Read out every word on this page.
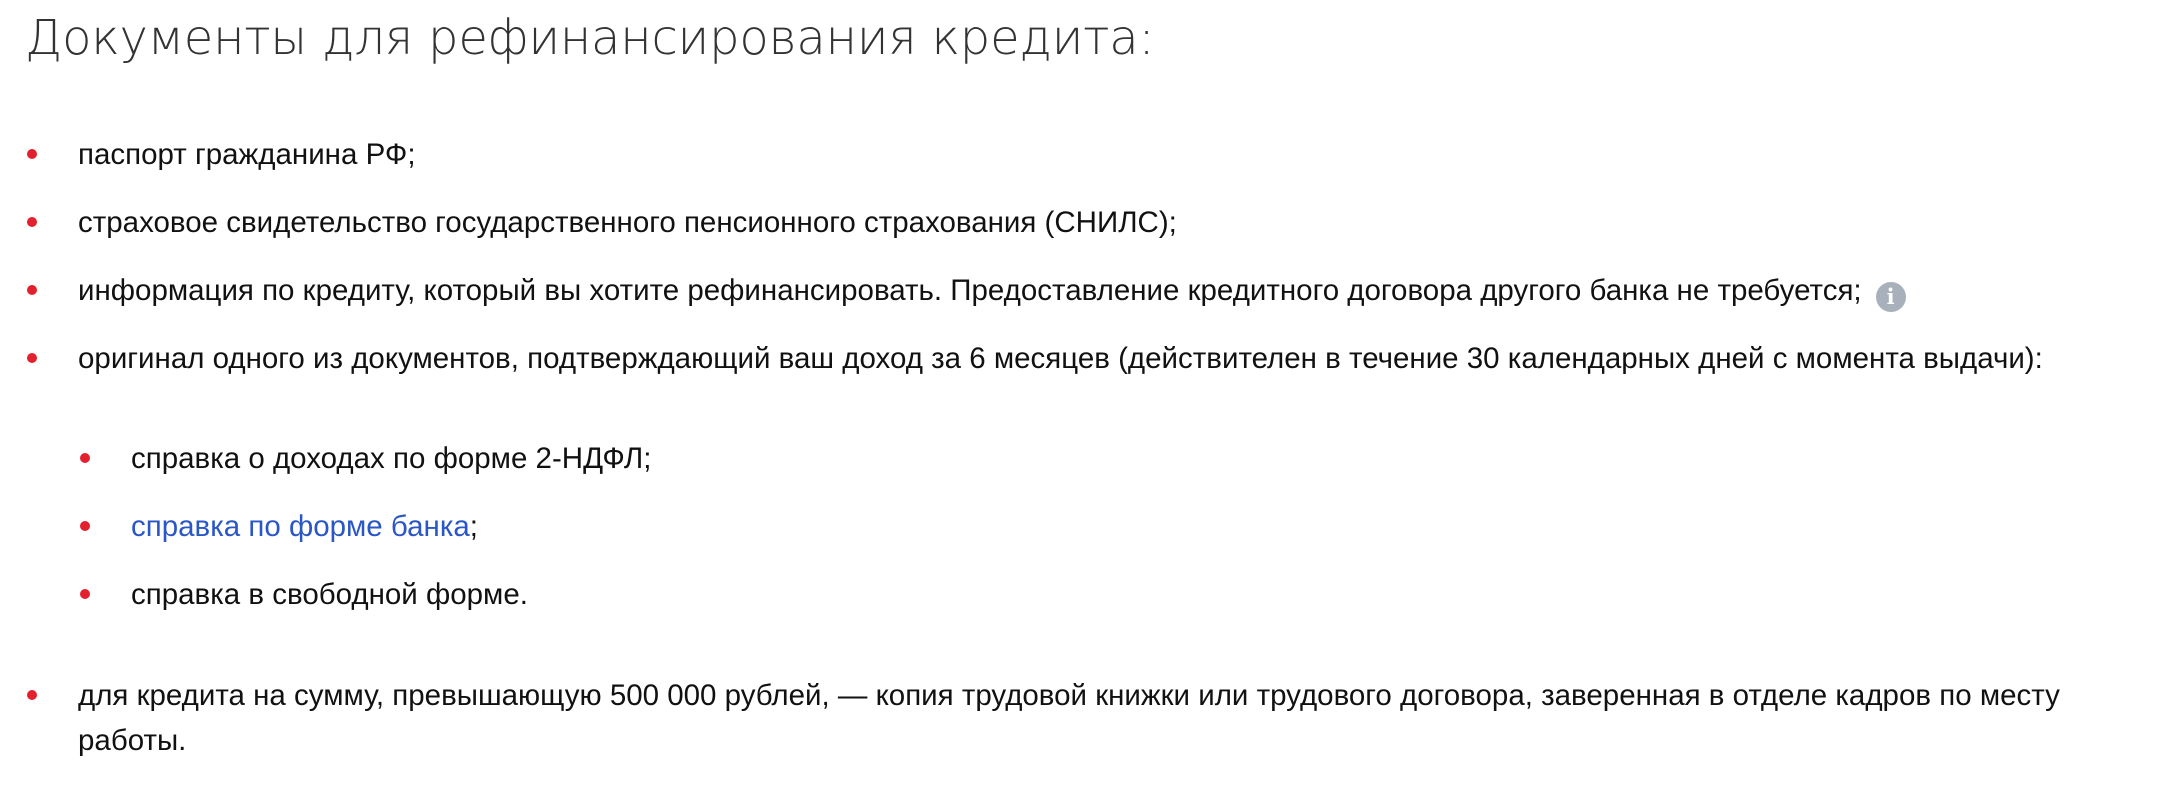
Документы для рефинансирования кредита:
паспорт гражданина РФ;
страховое свидетельство государственного пенсионного страхования (СНИЛС);
информация по кредиту, который вы хотите рефинансировать. Предоставление кредитного договора другого банка не требуется; i
оригинал одного из документов, подтверждающий ваш доход за 6 месяцев (действителен в течение 30 календарных дней с момента выдачи):
справка о доходах по форме 2-НДФЛ;
справка по форме банка;
справка в свободной форме.
для кредита на сумму, превышающую 500 000 рублей, — копия трудовой книжки или трудового договора, заверенная в отделе кадров по месту работы.
